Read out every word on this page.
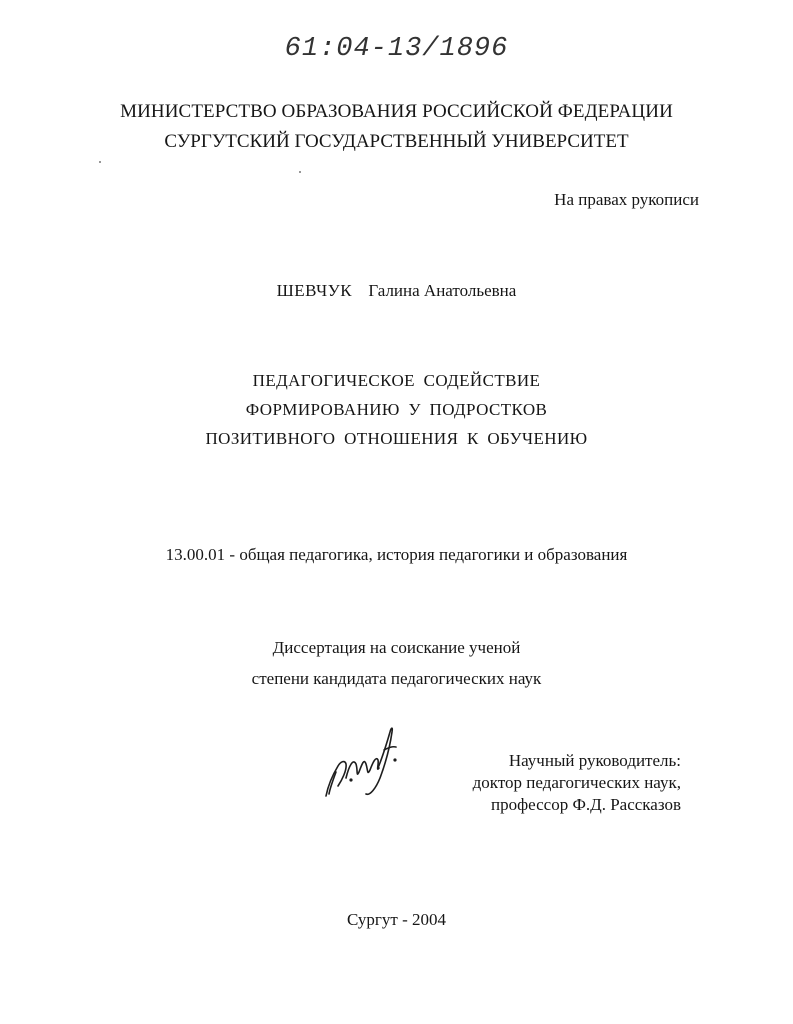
61:04-13/1896
МИНИСТЕРСТВО ОБРАЗОВАНИЯ РОССИЙСКОЙ ФЕДЕРАЦИИ
СУРГУТСКИЙ ГОСУДАРСТВЕННЫЙ УНИВЕРСИТЕТ
На правах рукописи
ШЕВЧУК Галина Анатольевна
ПЕДАГОГИЧЕСКОЕ СОДЕЙСТВИЕ
ФОРМИРОВАНИЮ У ПОДРОСТКОВ
ПОЗИТИВНОГО ОТНОШЕНИЯ К ОБУЧЕНИЮ
13.00.01 - общая педагогика, история педагогики и образования
Диссертация на соискание ученой
степени кандидата педагогических наук
Научный руководитель:
доктор педагогических наук,
профессор Ф.Д. Рассказов
Сургут - 2004
